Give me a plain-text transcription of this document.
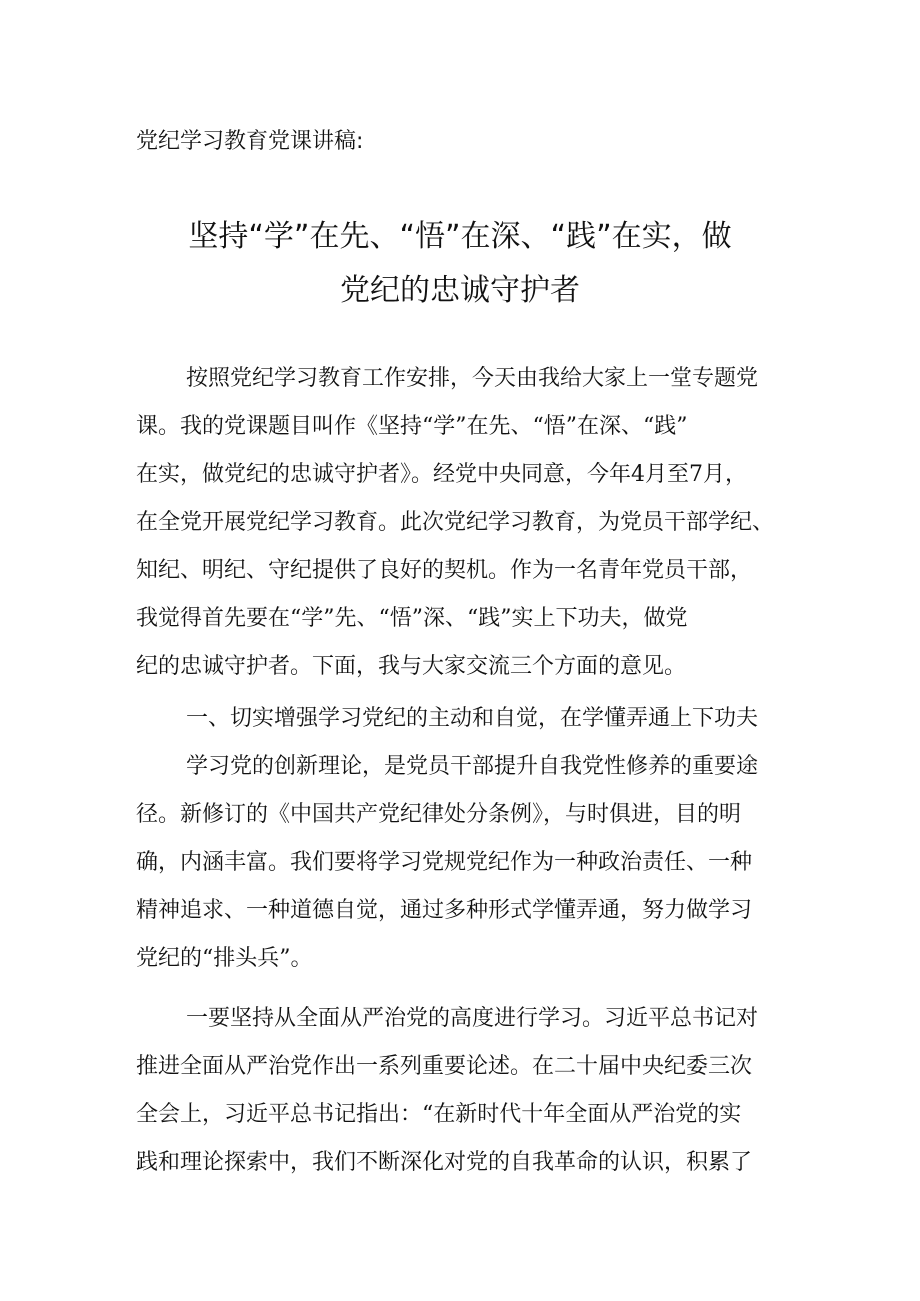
党纪学习教育党课讲稿:
坚持“学”在先、“悟”在深、“践”在实，做
党纪的忠诚守护者
按照党纪学习教育工作安排，今天由我给大家上一堂专题党
课。我的党课题目叫作《坚持“学”在先、“悟”在深、“践”
在实，做党纪的忠诚守护者》。经党中央同意，今年4月至7月，
在全党开展党纪学习教育。此次党纪学习教育，为党员干部学纪、
知纪、明纪、守纪提供了良好的契机。作为一名青年党员干部，
我觉得首先要在“学”先、“悟”深、“践”实上下功夫，做党
纪的忠诚守护者。下面，我与大家交流三个方面的意见。
一、切实增强学习党纪的主动和自觉，在学懂弄通上下功夫
学习党的创新理论，是党员干部提升自我党性修养的重要途
径。新修订的《中国共产党纪律处分条例》，与时俱进，目的明
确，内涵丰富。我们要将学习党规党纪作为一种政治责任、一种
精神追求、一种道德自觉，通过多种形式学懂弄通，努力做学习
党纪的“排头兵”。
一要坚持从全面从严治党的高度进行学习。习近平总书记对
推进全面从严治党作出一系列重要论述。在二十届中央纪委三次
全会上，习近平总书记指出：“在新时代十年全面从严治党的实
践和理论探索中，我们不断深化对党的自我革命的认识，积累了
